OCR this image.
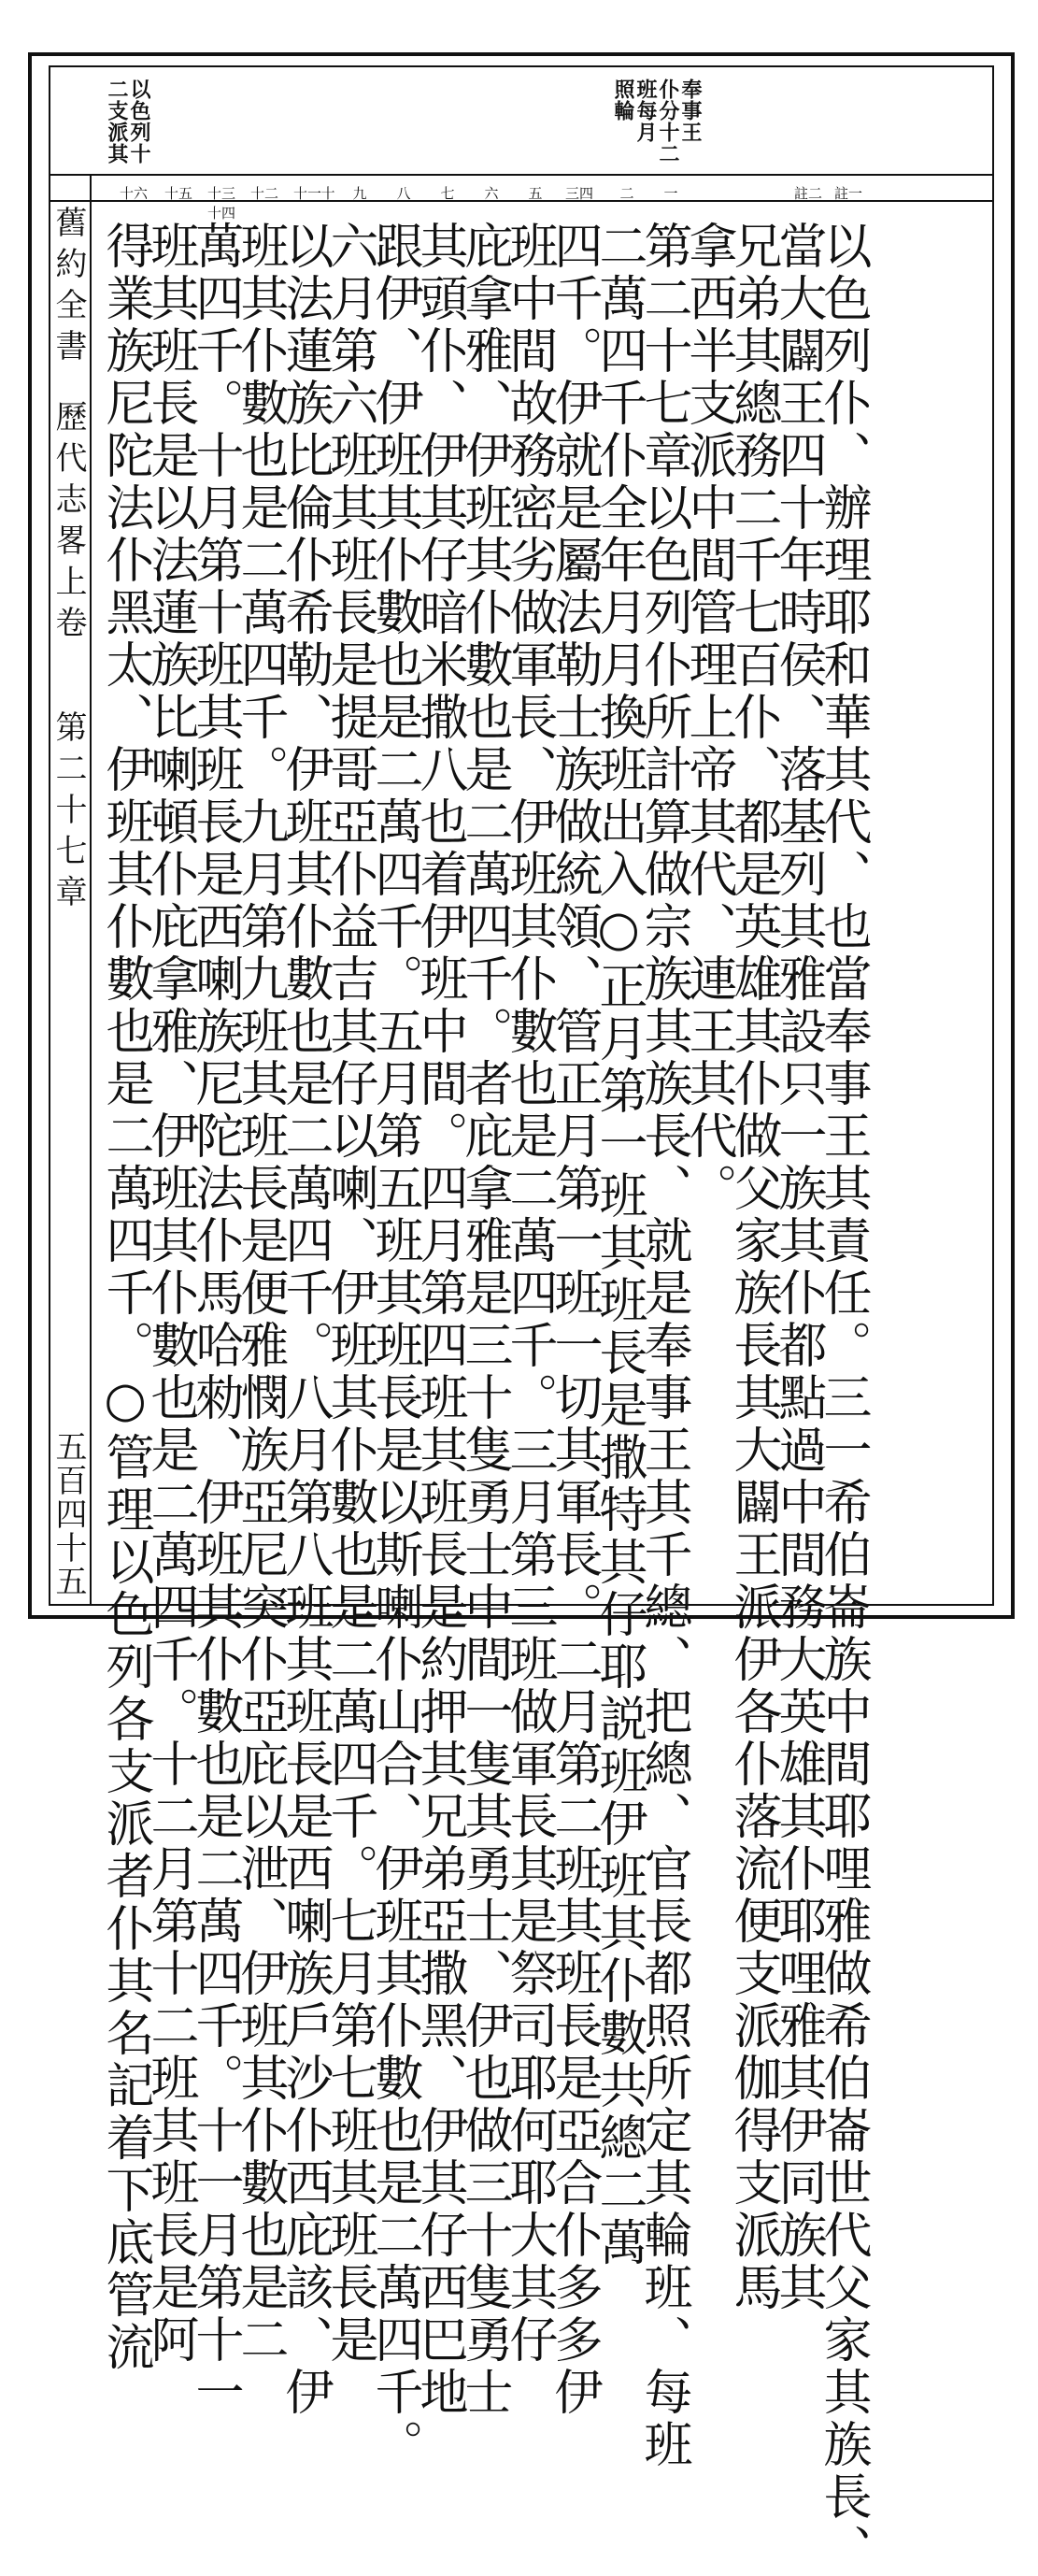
奉事王
仆分十二
班每月
照輪
以色列十
二支派其
註一
註二
一
二
三四
五
六
七
八
九
十
十一
十二
十三十四
十五
十六
以色列仆、辦理耶和華其代、也當奉事王其責任。三一希伯崙族中間耶哩雅做希伯崙世代父家其族長、
當大闢王四十年時侯、落基列其雅設只一族其仆都點過中間務大英雄其仆耶哩雅其伊同族其
兄弟其總務二千七百仆、都是英雄其仆做父家族長其大闢王派伊各仆落流便支派伽得支派馬
拿西半支派中間管理上帝其代、連王其代。
第二十七章以色列仆所計算做宗族其族長、就是奉事王其千總、把總、官長都照所定其輪班、每班
二萬四千仆全年月月換班出入○正月第一班其班長是撒特其仔耶説班伊班其仆數共總二萬
四千。伊就是屬法勒士族做統領、管正月第一班一切其軍長。二月第二班其班長是亞合仆多多伊
班中間故務密劣做軍長、伊班其仆數也是二萬四千。三月第三班做軍長其是祭司耶何耶大其仔
庇拿雅、伊班其仆數也是二萬四千。者庇拿雅是三十隻勇士中間一隻其勇士、伊也做三十隻勇士
其頭仆、伊其仔暗米撒八也着伊班中間。四月第四班其班長是約押其兄弟亞撒黑、伊其仔西巴地
跟伊、伊班其仆數也是二萬四千。五月第五班其班長是以斯喇仆山合、伊班其仆數也是二萬四千。
六月第六班其班長是提哥亞仆益吉其仔以喇、伊班其仆數也是二萬四千。七月第七班其班長是
以法蓮族比倫仆希勒、伊班其仆數也是二萬四千。八月第八班其班長是西喇族戶沙仆西庇該、伊
班其仆數也是二萬四千。九月第九班其班長是便雅憫族亞尼突仆亞庇以泄、伊班其仆數也是二
萬四千。十月第十班其班長是西喇族尼陀法仆馬哈勑、伊班其仆數也是二萬四千。十一月第十一
班其班長是以法蓮族比喇頓仆庇拿雅、伊班其仆數也是二萬四千。十二月第十二班其班長是阿
得業族尼陀法仆黑太、伊班其仆數也是二萬四千。○管理以色列各支派者仆其名記着下底管流
舊約全書
歷代志畧上卷
第二十七章
五百四十五
